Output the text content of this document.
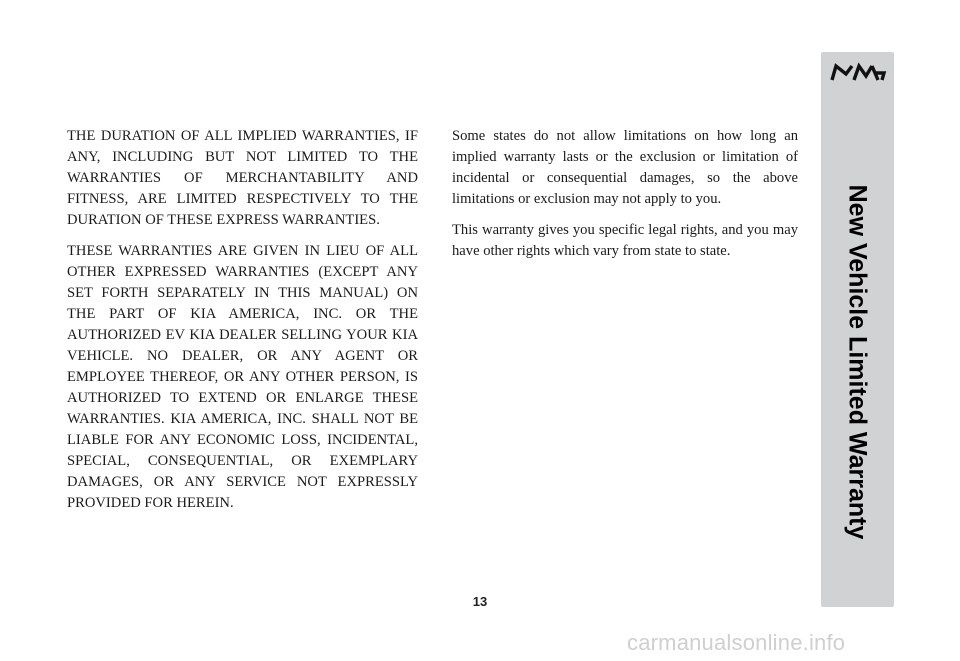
THE DURATION OF ALL IMPLIED WARRANTIES, IF ANY, INCLUDING BUT NOT LIMITED TO THE WARRANTIES OF MERCHANTABILITY AND FITNESS, ARE LIMITED RESPECTIVELY TO THE DURATION OF THESE EXPRESS WARRANTIES.

THESE WARRANTIES ARE GIVEN IN LIEU OF ALL OTHER EXPRESSED WARRANTIES (EXCEPT ANY SET FORTH SEPARATELY IN THIS MANUAL) ON THE PART OF KIA AMERICA, INC. OR THE AUTHORIZED EV KIA DEALER SELLING YOUR KIA VEHICLE. NO DEALER, OR ANY AGENT OR EMPLOYEE THEREOF, OR ANY OTHER PERSON, IS AUTHORIZED TO EXTEND OR ENLARGE THESE WARRANTIES. KIA AMERICA, INC. SHALL NOT BE LIABLE FOR ANY ECONOMIC LOSS, INCIDENTAL, SPECIAL, CONSEQUENTIAL, OR EXEMPLARY DAMAGES, OR ANY SERVICE NOT EXPRESSLY PROVIDED FOR HEREIN.

Some states do not allow limitations on how long an implied warranty lasts or the exclusion or limitation of incidental or consequential damages, so the above limitations or exclusion may not apply to you.

This warranty gives you specific legal rights, and you may have other rights which vary from state to state.

13
New Vehicle Limited Warranty
carmanualsonline.info
